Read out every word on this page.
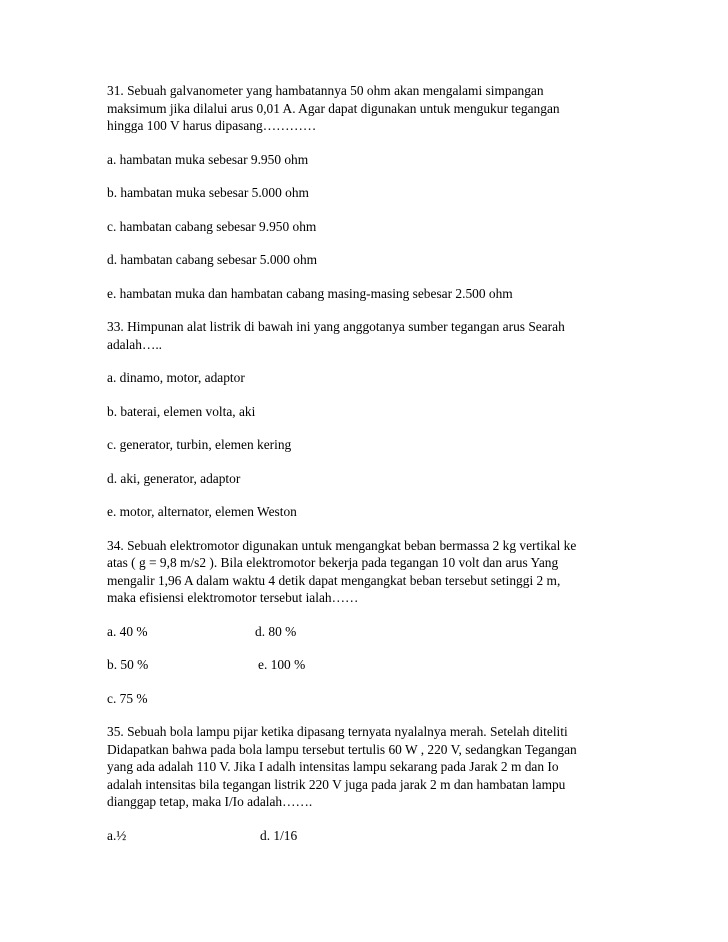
31. Sebuah galvanometer yang hambatannya 50 ohm akan mengalami simpangan

maksimum jika dilalui arus 0,01 A. Agar dapat digunakan untuk mengukur tegangan

hingga 100 V harus dipasang…………

a. hambatan muka sebesar 9.950 ohm

b. hambatan muka sebesar 5.000 ohm

c. hambatan cabang sebesar 9.950 ohm

d. hambatan cabang sebesar 5.000 ohm

e. hambatan muka dan hambatan cabang masing-masing sebesar 2.500 ohm

33. Himpunan alat listrik di bawah ini yang anggotanya sumber tegangan arus Searah

adalah…..

a. dinamo, motor, adaptor

b. baterai, elemen volta, aki

c. generator, turbin, elemen kering

d. aki, generator, adaptor

e. motor, alternator, elemen Weston

34. Sebuah elektromotor digunakan untuk mengangkat beban bermassa 2 kg vertikal ke

atas ( g = 9,8 m/s2 ). Bila elektromotor bekerja pada tegangan 10 volt dan arus Yang

mengalir 1,96 A dalam waktu 4 detik dapat mengangkat beban tersebut setinggi 2 m,

maka efisiensi elektromotor tersebut ialah……

a. 40 %	d. 80 %

b. 50 %	e. 100 %

c. 75 %

35. Sebuah bola lampu pijar ketika dipasang ternyata nyalalnya merah. Setelah diteliti

Didapatkan bahwa pada bola lampu tersebut tertulis 60 W , 220 V, sedangkan Tegangan

yang ada adalah 110 V. Jika I adalh intensitas lampu sekarang pada Jarak 2 m dan Io

adalah intensitas bila tegangan listrik 220 V juga pada jarak 2 m dan hambatan lampu

dianggap tetap, maka I/Io adalah…….

a.½	d. 1/16
